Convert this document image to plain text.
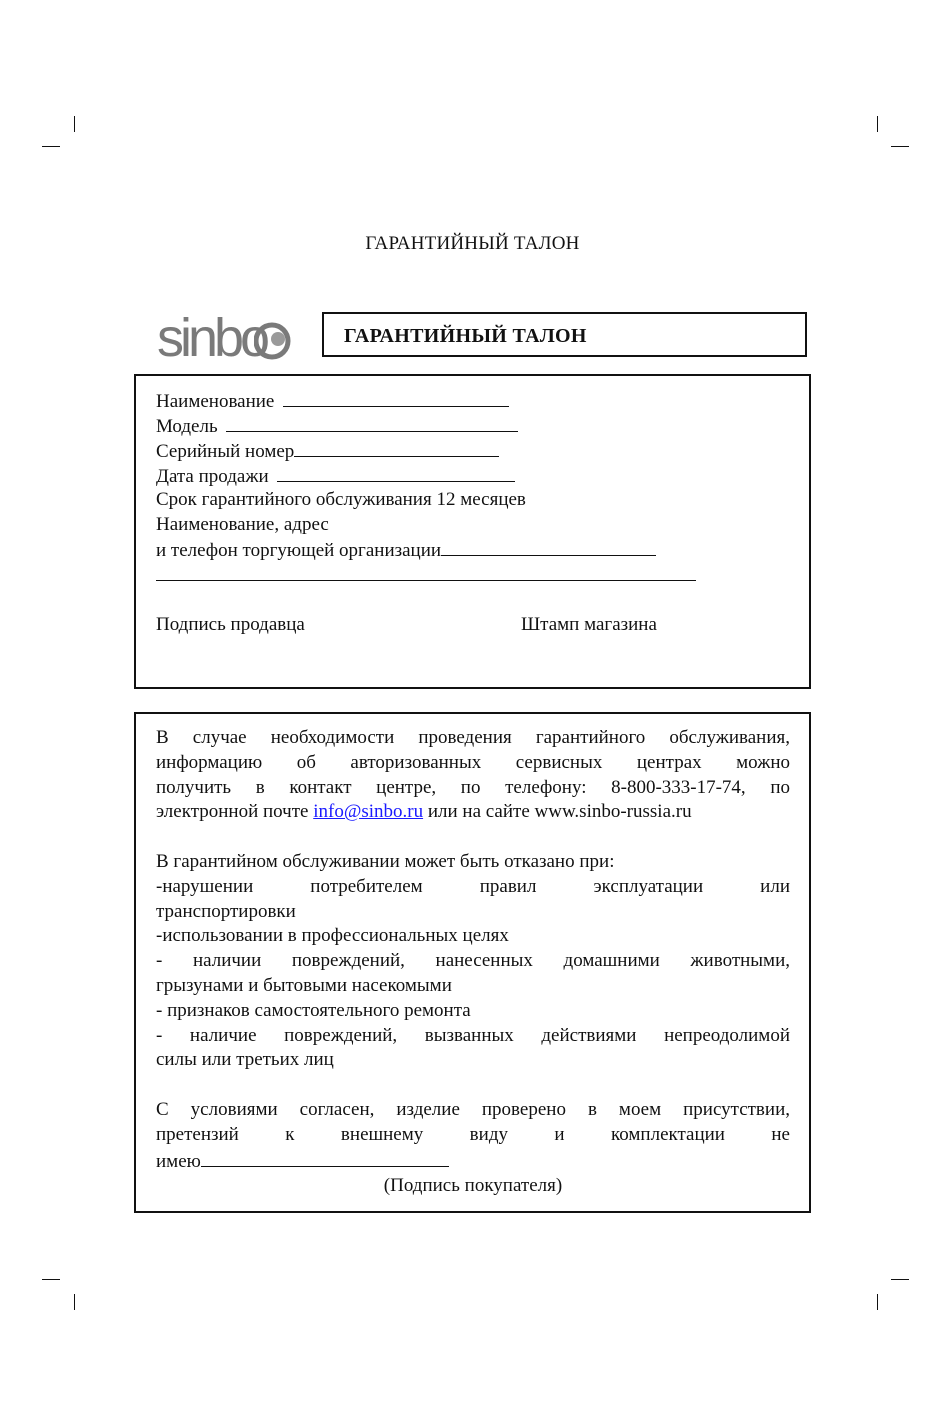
ГАРАНТИЙНЫЙ ТАЛОН
sinbo	ГАРАНТИЙНЫЙ ТАЛОН
Наименование
Модель
Серийный номер
Дата продажи
Срок гарантийного обслуживания 12 месяцев
Наименование, адрес
и телефон торгующей организации
Подпись продавца	Штамп магазина

В случае необходимости проведения гарантийного обслуживания,

информацию об авторизованных сервисных центрах можно

получить в контакт центре, по телефону: 8-800-333-17-74, по

электронной почте info@sinbo.ru или на сайте www.sinbo-russia.ru

В гарантийном обслуживании может быть отказано при:

-нарушении потребителем правил эксплуатации или

транспортировки

-использовании в профессиональных целях

- наличии повреждений, нанесенных домашними животными,

грызунами и бытовыми насекомыми

- признаков самостоятельного ремонта

- наличие повреждений, вызванных действиями непреодолимой

силы или третьих лиц

С условиями согласен, изделие проверено в моем присутствии,

претензий к внешнему виду и комплектации не

имею

(Подпись покупателя)
